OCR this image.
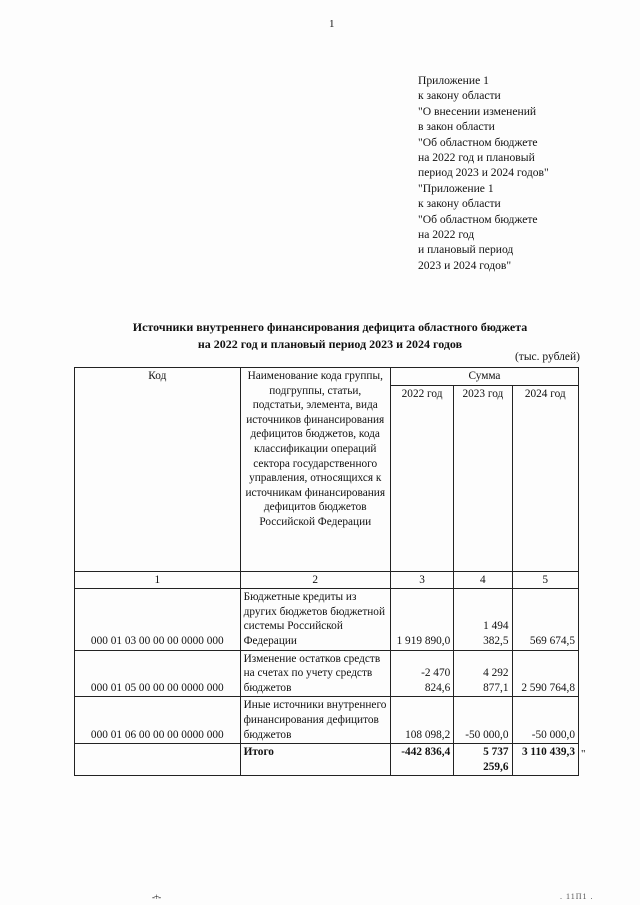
1
Приложение 1
к закону области
"О внесении изменений
в закон области
"Об областном бюджете
на 2022 год и плановый
период 2023 и 2024 годов"
"Приложение 1
к закону области
"Об областном бюджете
на 2022 год
и плановый период
2023 и 2024 годов"
Источники внутреннего финансирования дефицита областного бюджета
на 2022 год и плановый период 2023 и 2024 годов
(тыс. рублей)
Код	Наименование кода группы, подгруппы, статьи, подстатьи, элемента, вида источников финансирования дефицитов бюджетов, кода классификации операций сектора государственного управления, относящихся к источникам финансирования дефицитов бюджетов Российской Федерации	Сумма		
		2022 год	2023 год	2024 год
1	2	3	4	5
000 01 03 00 00 00 0000 000	Бюджетные кредиты из других бюджетов бюджетной системы Российской Федерации	1 919 890,0	1 494 382,5	569 674,5
000 01 05 00 00 00 0000 000	Изменение остатков средств на счетах по учету средств бюджетов	-2 470 824,6	4 292 877,1	2 590 764,8
000 01 06 00 00 00 0000 000	Иные источники внутреннего финансирования дефицитов бюджетов	108 098,2	-50 000,0	-50 000,0
	Итого	-442 836,4	5 737 259,6	3 110 439,3 "
-+-	. 11П1 .
